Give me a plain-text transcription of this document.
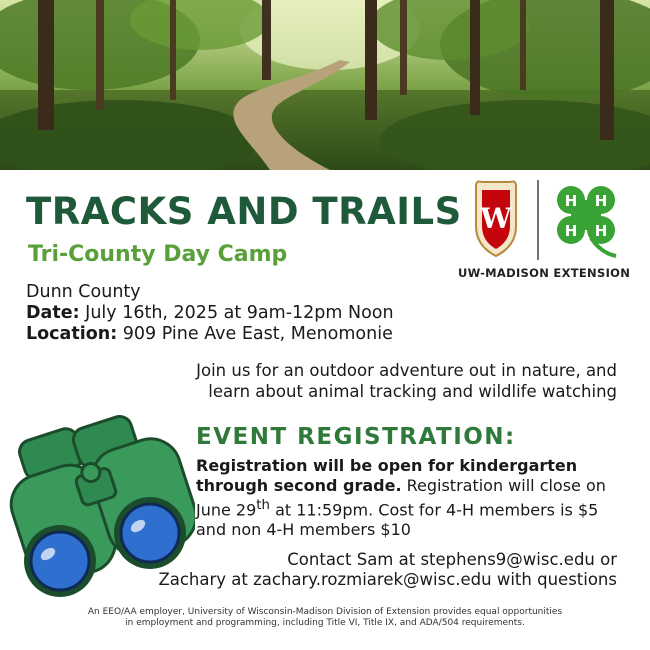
TRACKS AND TRAILS
Tri-County Day Camp
Dunn County
Date: July 16th, 2025 at 9am-12pm Noon
Location: 909 Pine Ave East, Menomonie
W
H H
H H
UW-MADISON EXTENSION
Join us for an outdoor adventure out in nature, and
learn about animal tracking and wildlife watching
EVENT REGISTRATION:
Registration will be open for kindergarten through second grade. Registration will close on June 29th at 11:59pm. Cost for 4-H members is $5 and non 4-H members $10
Contact Sam at stephens9@wisc.edu or
Zachary at zachary.rozmiarek@wisc.edu with questions
An EEO/AA employer, University of Wisconsin-Madison Division of Extension provides equal opportunities
in employment and programming, including Title VI, Title IX, and ADA/504 requirements.
